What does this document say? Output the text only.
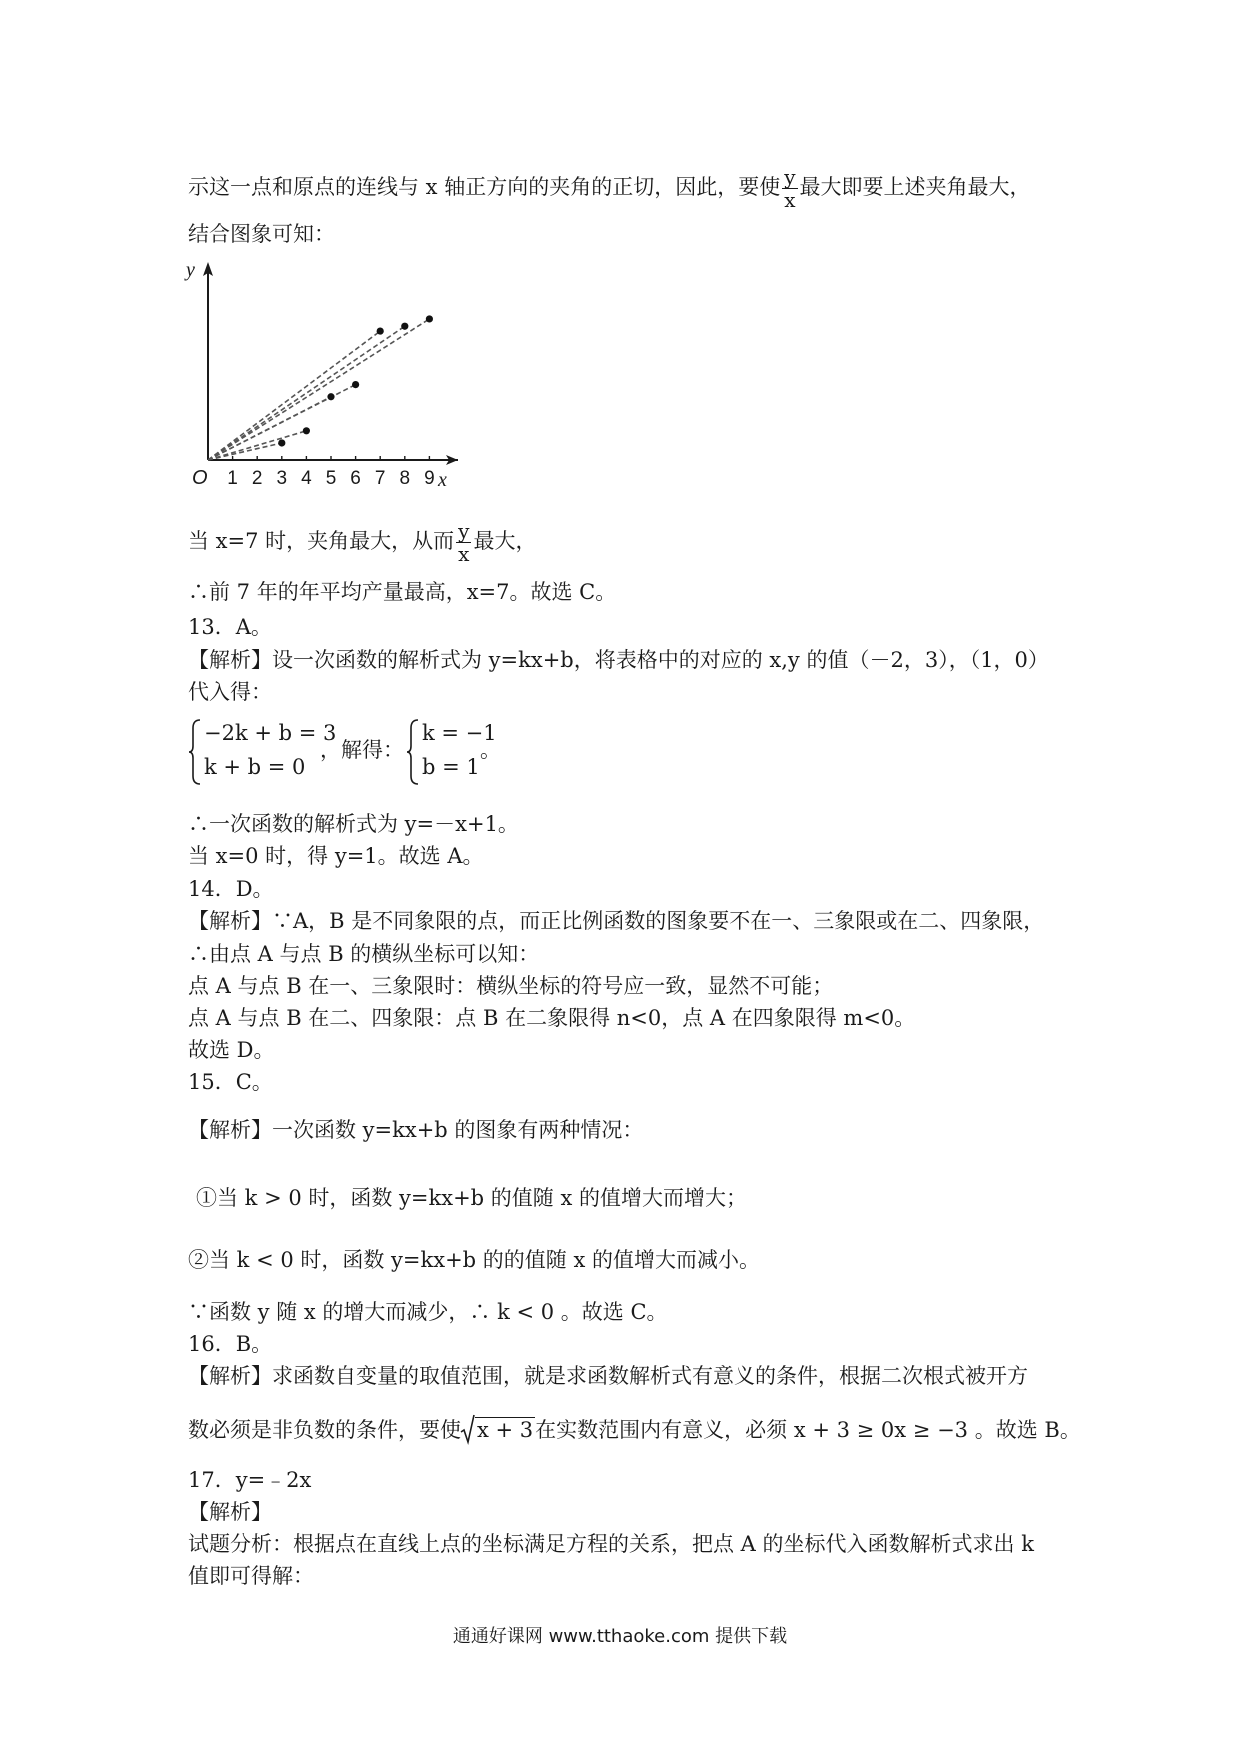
示这一点和原点的连线与 x 轴正方向的夹角的正切，因此，要使 $\frac{y}{x}$ 最大即要上述夹角最大，
结合图象可知：
1 2 3 4 5 6 7 8 9
O	x
y
当 x=7 时，夹角最大，从而 $\frac{y}{x}$ 最大，
∴前 7 年的年平均产量最高，x=7。故选 C。
13．A。
【解析】设一次函数的解析式为 y=kx+b，将表格中的对应的 x,y 的值（－2，3），（1，0）
代入得：
−2k + b = 3
k + b = 0
，解得：
k = −1
b = 1
。
∴一次函数的解析式为 y=－x+1。
当 x=0 时，得 y=1。故选 A。
14．D。
【解析】∵A，B 是不同象限的点，而正比例函数的图象要不在一、三象限或在二、四象限，
∴由点 A 与点 B 的横纵坐标可以知：
点 A 与点 B 在一、三象限时：横纵坐标的符号应一致，显然不可能；
点 A 与点 B 在二、四象限：点 B 在二象限得 n<0，点 A 在四象限得 m<0。
故选 D。
15．C。
【解析】一次函数 y=kx+b 的图象有两种情况：
①当 k > 0 时，函数 y=kx+b 的值随 x 的值增大而增大；
②当 k < 0 时，函数 y=kx+b 的的值随 x 的值增大而减小。
∵函数 y 随 x 的增大而减少，∴ k < 0 。故选 C。
16．B。
【解析】求函数自变量的取值范围，就是求函数解析式有意义的条件，根据二次根式被开方
数必须是非负数的条件，要使 x + 3在实数范围内有意义，必须 x + 3 ≥ 0x ≥ −3 。故选 B。
17．y=﹣2x
【解析】
试题分析：根据点在直线上点的坐标满足方程的关系，把点 A 的坐标代入函数解析式求出 k
值即可得解：
通通好课网 www.tthaoke.com 提供下载
